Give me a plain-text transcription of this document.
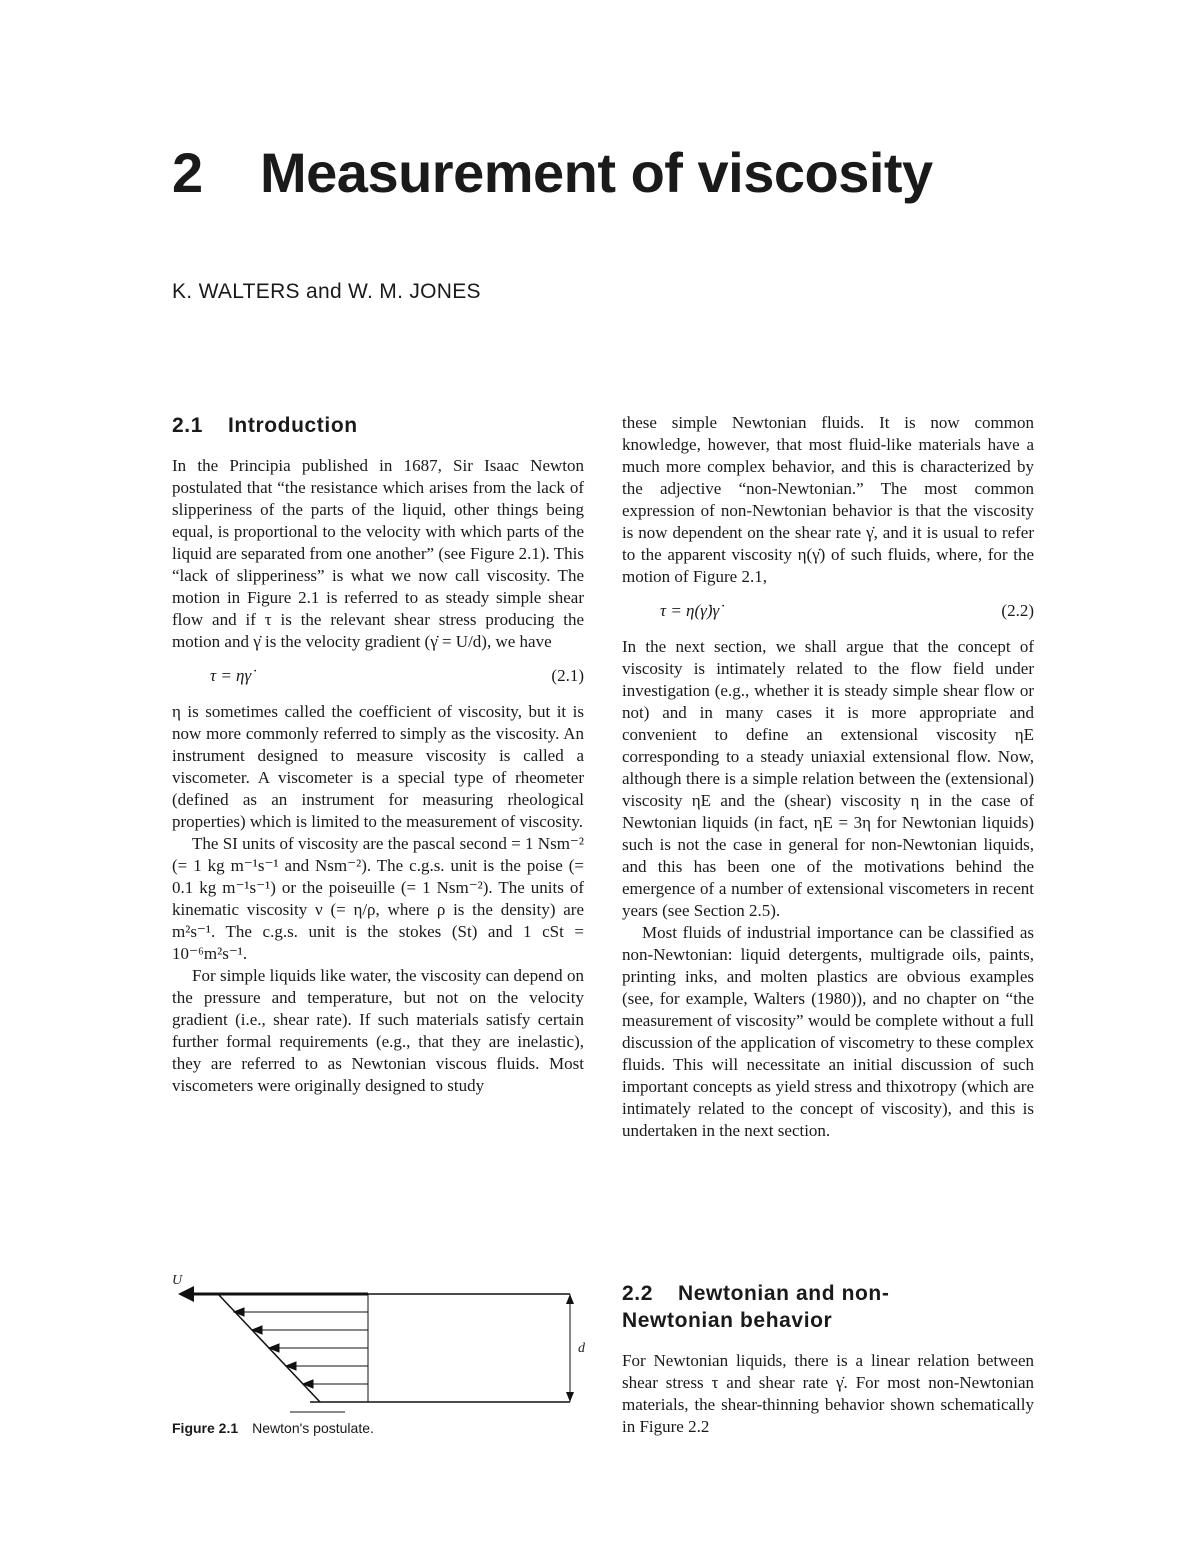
2 Measurement of viscosity
K. WALTERS and W. M. JONES
2.1 Introduction

In the Principia published in 1687, Sir Isaac Newton postulated that “the resistance which arises from the lack of slipperiness of the parts of the liquid, other things being equal, is proportional to the velocity with which parts of the liquid are separated from one another” (see Figure 2.1). This “lack of slipperiness” is what we now call viscosity. The motion in Figure 2.1 is referred to as steady simple shear flow and if τ is the relevant shear stress producing the motion and γ̇ is the velocity gradient (γ̇ = U/d), we have

τ = ηγ̇	(2.1)

η is sometimes called the coefficient of viscosity, but it is now more commonly referred to simply as the viscosity. An instrument designed to measure viscosity is called a viscometer. A viscometer is a special type of rheometer (defined as an instrument for measuring rheological properties) which is limited to the measurement of viscosity.

The SI units of viscosity are the pascal second = 1 Nsm⁻² (= 1 kg m⁻¹s⁻¹ and Nsm⁻²). The c.g.s. unit is the poise (= 0.1 kg m⁻¹s⁻¹) or the poiseuille (= 1 Nsm⁻²). The units of kinematic viscosity ν (= η/ρ, where ρ is the density) are m²s⁻¹. The c.g.s. unit is the stokes (St) and 1 cSt = 10⁻⁶m²s⁻¹.

For simple liquids like water, the viscosity can depend on the pressure and temperature, but not on the velocity gradient (i.e., shear rate). If such materials satisfy certain further formal requirements (e.g., that they are inelastic), they are referred to as Newtonian viscous fluids. Most viscometers were originally designed to study

these simple Newtonian fluids. It is now common knowledge, however, that most fluid-like materials have a much more complex behavior, and this is characterized by the adjective “non-Newtonian.” The most common expression of non-Newtonian behavior is that the viscosity is now dependent on the shear rate γ̇, and it is usual to refer to the apparent viscosity η(γ̇) of such fluids, where, for the motion of Figure 2.1,

τ = η(γ̇)γ̇	(2.2)

In the next section, we shall argue that the concept of viscosity is intimately related to the flow field under investigation (e.g., whether it is steady simple shear flow or not) and in many cases it is more appropriate and convenient to define an extensional viscosity ηE corresponding to a steady uniaxial extensional flow. Now, although there is a simple relation between the (extensional) viscosity ηE and the (shear) viscosity η in the case of Newtonian liquids (in fact, ηE = 3η for Newtonian liquids) such is not the case in general for non-Newtonian liquids, and this has been one of the motivations behind the emergence of a number of extensional viscometers in recent years (see Section 2.5).

Most fluids of industrial importance can be classified as non-Newtonian: liquid detergents, multigrade oils, paints, printing inks, and molten plastics are obvious examples (see, for example, Walters (1980)), and no chapter on “the measurement of viscosity” would be complete without a full discussion of the application of viscometry to these complex fluids. This will necessitate an initial discussion of such important concepts as yield stress and thixotropy (which are intimately related to the concept of viscosity), and this is undertaken in the next section.

2.2 Newtonian and non-
Newtonian behavior
For Newtonian liquids, there is a linear relation between shear stress τ and shear rate γ̇. For most non-Newtonian materials, the shear-thinning behavior shown schematically in Figure 2.2
U
d
Figure 2.1 Newton's postulate.
